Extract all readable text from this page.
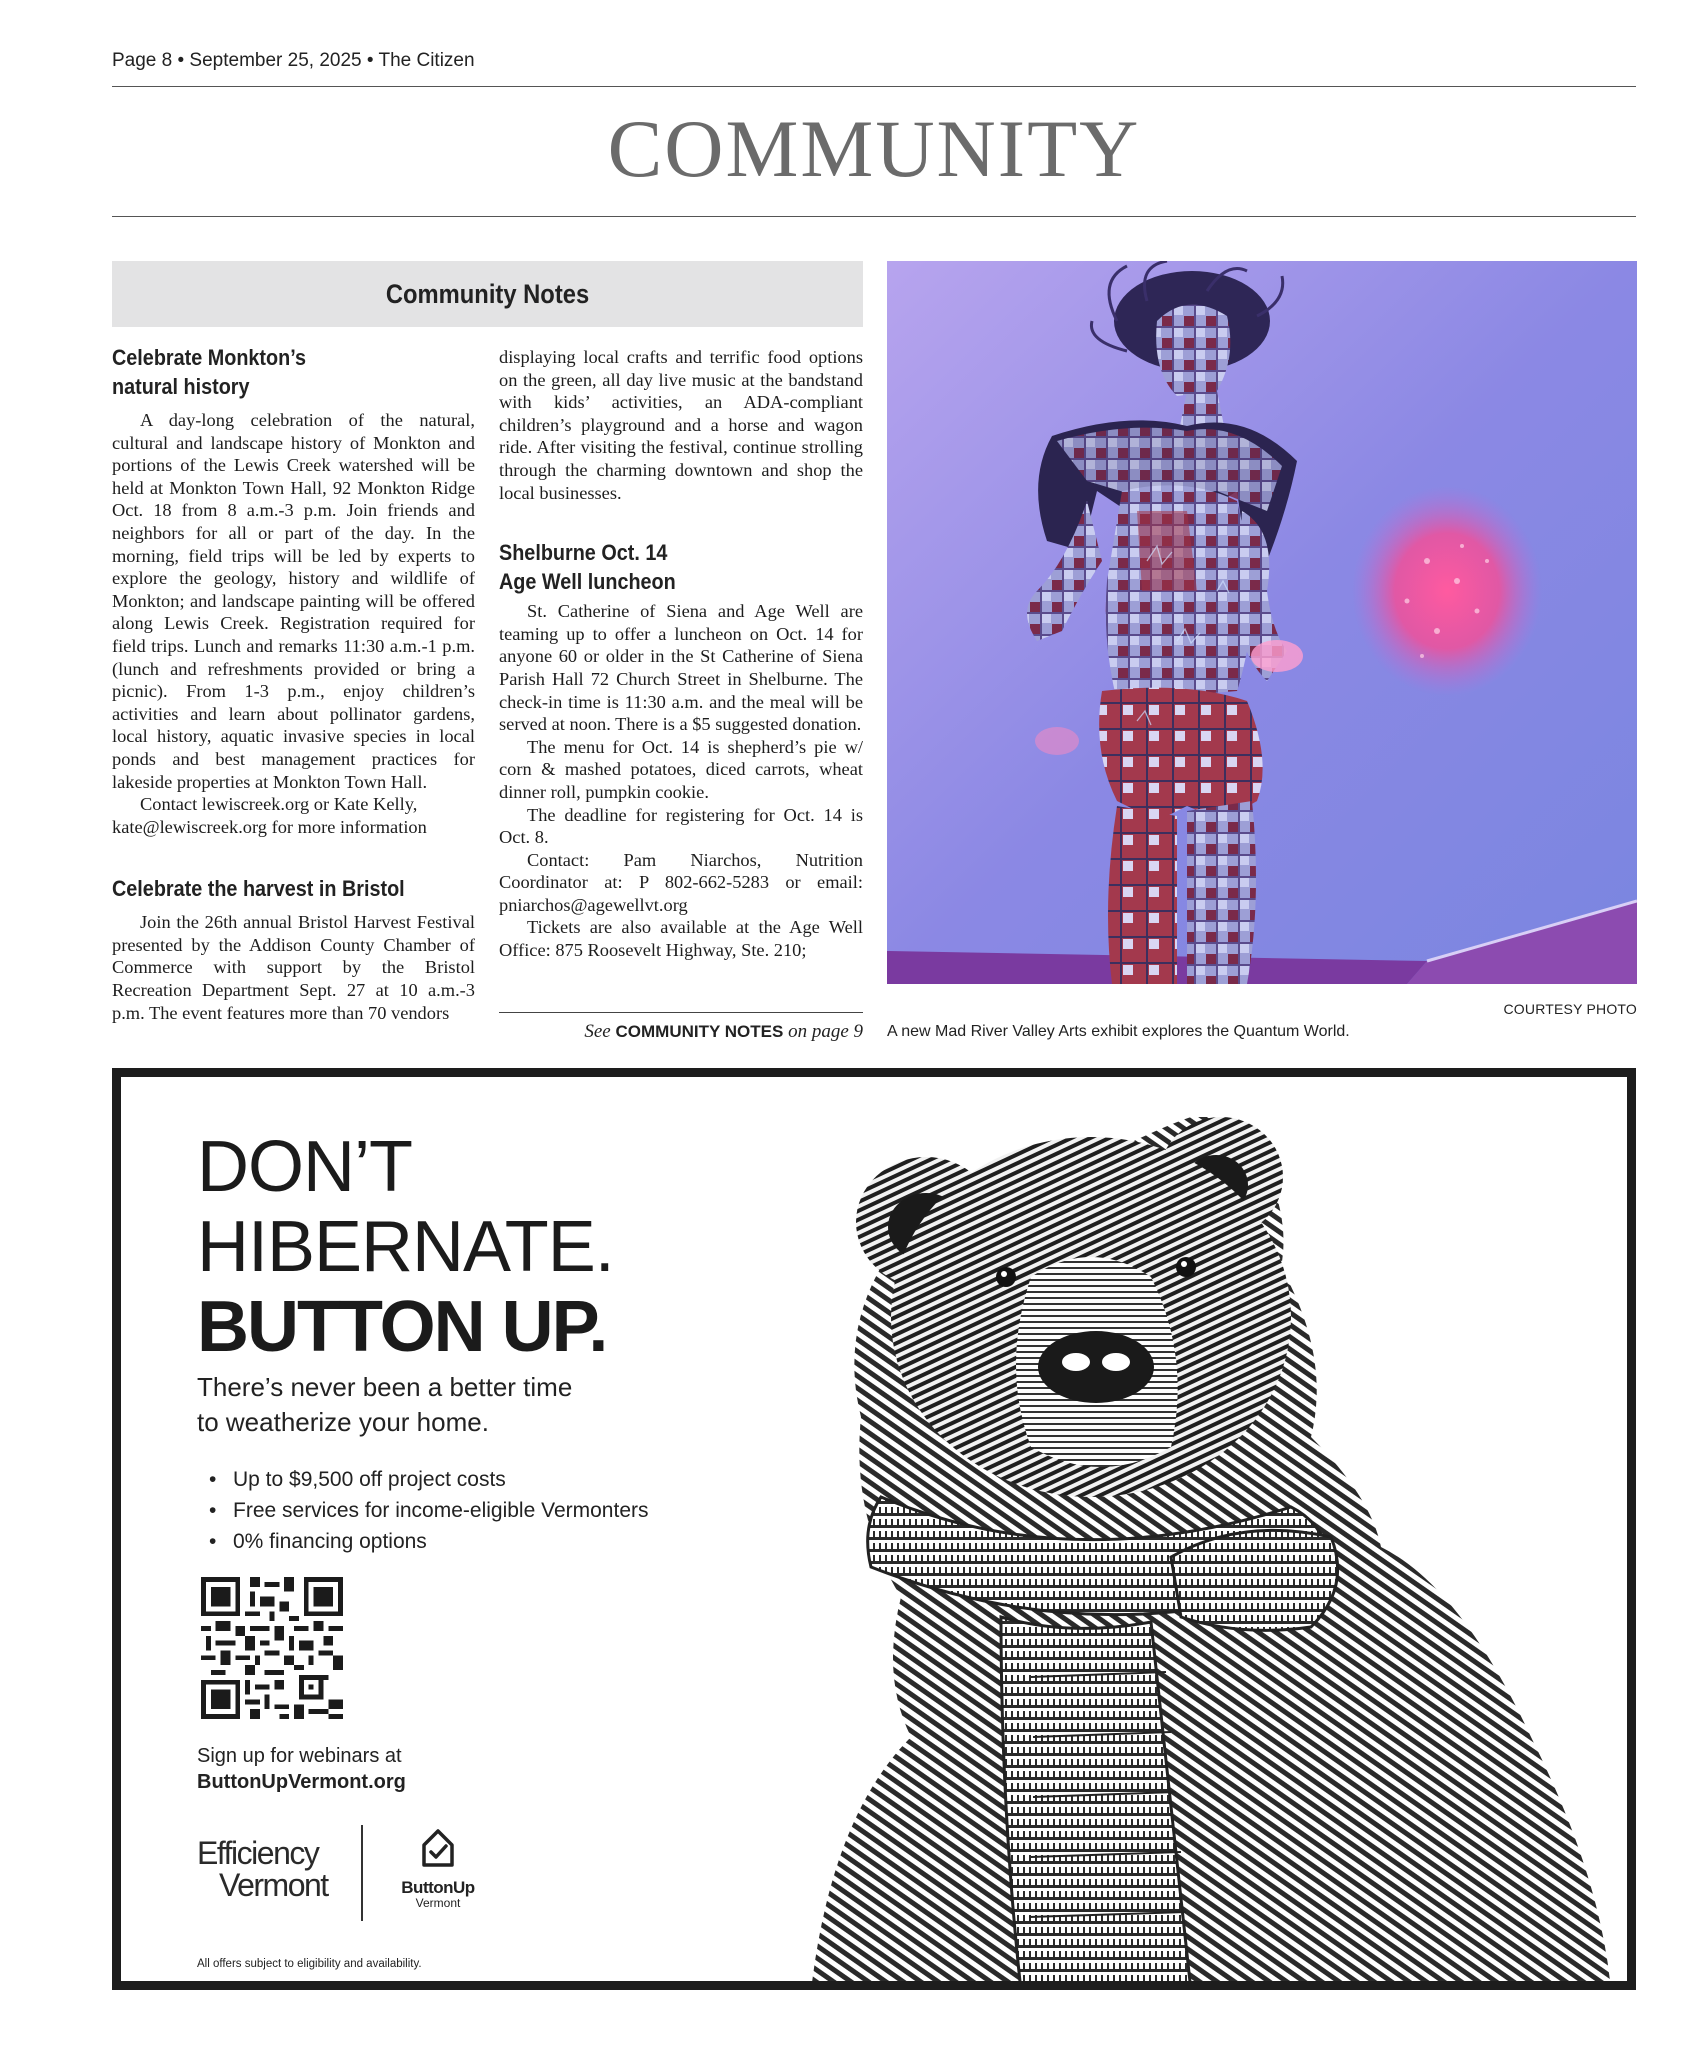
Page 8 • September 25, 2025 • The Citizen
COMMUNITY
Community Notes
Celebrate Monkton’s
natural history

A day-long celebration of the natural, cultural and landscape history of Monkton and portions of the Lewis Creek watershed will be held at Monkton Town Hall, 92 Monkton Ridge Oct. 18 from 8 a.m.-3 p.m. Join friends and neighbors for all or part of the day. In the morning, field trips will be led by experts to explore the geology, history and wildlife of Monkton; and landscape painting will be offered along Lewis Creek. Registration required for field trips. Lunch and remarks 11:30 a.m.-1 p.m. (lunch and refreshments provided or bring a picnic). From 1-3 p.m., enjoy children’s activities and learn about pollinator gardens, local history, aquatic invasive species in local ponds and best management practices for lakeside properties at Monkton Town Hall.

Contact lewiscreek.org or Kate Kelly, kate@lewiscreek.org for more information

Celebrate the harvest in Bristol

Join the 26th annual Bristol Harvest Festival presented by the Addison County Chamber of Commerce with support by the Bristol Recreation Department Sept. 27 at 10 a.m.-3 p.m. The event features more than 70 vendors

displaying local crafts and terrific food options on the green, all day live music at the bandstand with kids’ activities, an ADA-compliant children’s playground and a horse and wagon ride. After visiting the festival, continue strolling through the charming downtown and shop the local businesses.

Shelburne Oct. 14
Age Well luncheon

St. Catherine of Siena and Age Well are teaming up to offer a luncheon on Oct. 14 for anyone 60 or older in the St Catherine of Siena Parish Hall 72 Church Street in Shelburne. The check-in time is 11:30 a.m. and the meal will be served at noon. There is a $5 suggested donation.

The menu for Oct. 14 is shepherd’s pie w/ corn & mashed potatoes, diced carrots, wheat dinner roll, pumpkin cookie.

The deadline for registering for Oct. 14 is Oct. 8.

Contact: Pam Niarchos, Nutrition Coordinator at: P 802-662-5283 or email: pniarchos@agewellvt.org

Tickets are also available at the Age Well Office: 875 Roosevelt Highway, Ste. 210;

See COMMUNITY NOTES on page 9
COURTESY PHOTO
A new Mad River Valley Arts exhibit explores the Quantum World.
DON’T
HIBERNATE.
BUTTON UP.
There’s never been a better time
to weatherize your home.
• Up to $9,500 off project costs
• Free services for income-eligible Vermonters
• 0% financing options
Sign up for webinars at
ButtonUpVermont.org
Efficiency
Vermont	ButtonUp
Vermont
All offers subject to eligibility and availability.
